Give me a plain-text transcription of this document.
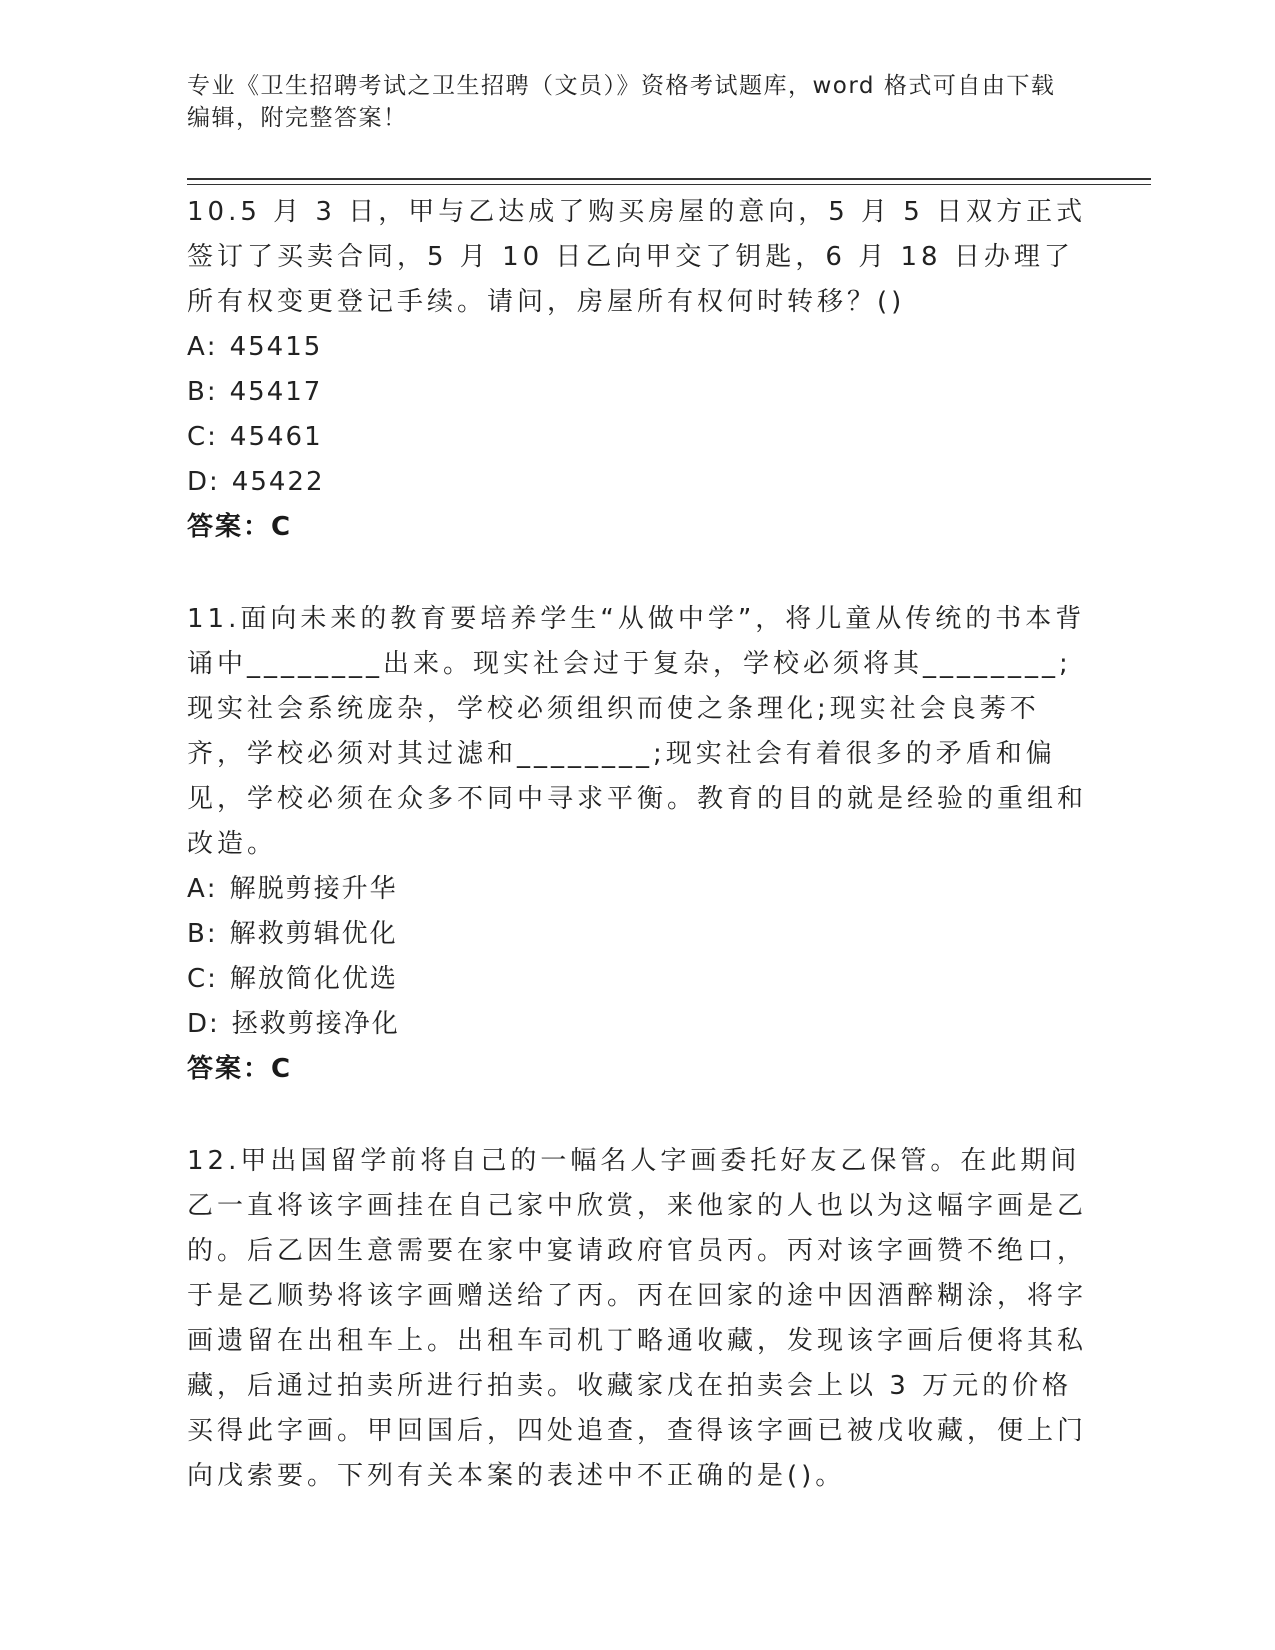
专业《卫生招聘考试之卫生招聘（文员）》资格考试题库，word 格式可自由下载编辑，附完整答案！

10.5 月 3 日，甲与乙达成了购买房屋的意向，5 月 5 日双方正式签订了买卖合同，5 月 10 日乙向甲交了钥匙，6 月 18 日办理了所有权变更登记手续。请问，房屋所有权何时转移？()

A: 45415

B: 45417

C: 45461

D: 45422

答案：C

11.面向未来的教育要培养学生“从做中学”，将儿童从传统的书本背诵中________出来。现实社会过于复杂，学校必须将其________;现实社会系统庞杂，学校必须组织而使之条理化;现实社会良莠不齐，学校必须对其过滤和________;现实社会有着很多的矛盾和偏见，学校必须在众多不同中寻求平衡。教育的目的就是经验的重组和改造。

A: 解脱剪接升华

B: 解救剪辑优化

C: 解放简化优选

D: 拯救剪接净化

答案：C

12.甲出国留学前将自己的一幅名人字画委托好友乙保管。在此期间乙一直将该字画挂在自己家中欣赏，来他家的人也以为这幅字画是乙的。后乙因生意需要在家中宴请政府官员丙。丙对该字画赞不绝口，于是乙顺势将该字画赠送给了丙。丙在回家的途中因酒醉糊涂，将字画遗留在出租车上。出租车司机丁略通收藏，发现该字画后便将其私藏，后通过拍卖所进行拍卖。收藏家戊在拍卖会上以 3 万元的价格买得此字画。甲回国后，四处追查，查得该字画已被戊收藏，便上门向戊索要。下列有关本案的表述中不正确的是()。
